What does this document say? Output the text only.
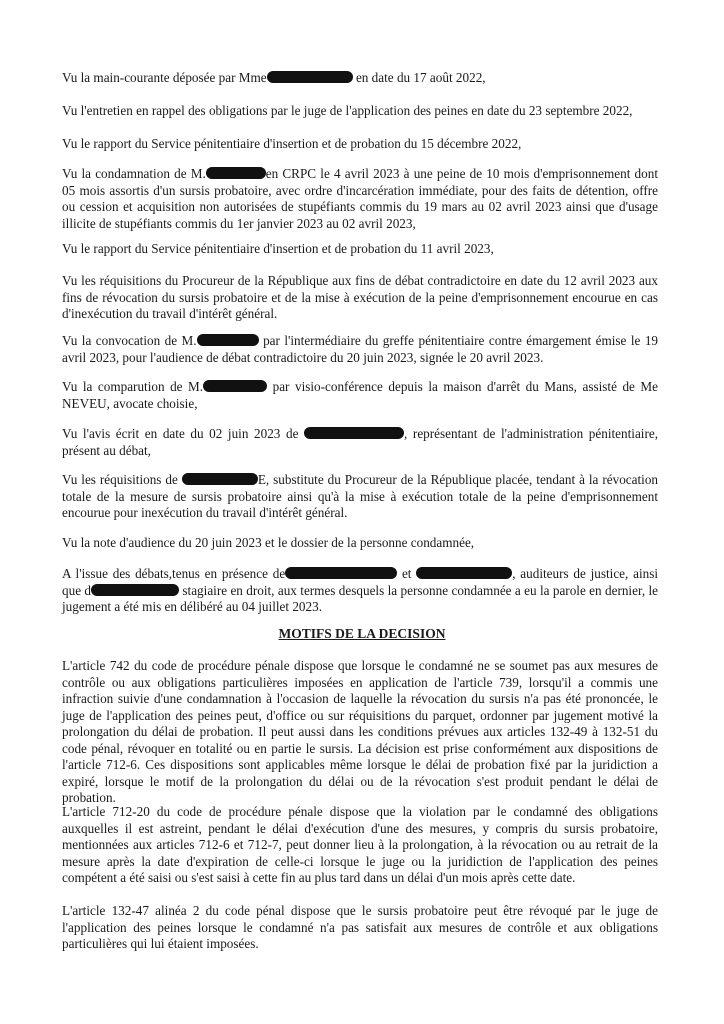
Vu la main-courante déposée par Mme	en date du 17 août 2022,

Vu l'entretien en rappel des obligations par le juge de l'application des peines en date du 23 septembre 2022,

Vu le rapport du Service pénitentiaire d'insertion et de probation du 15 décembre 2022,

Vu la condamnation de M.	en CRPC le 4 avril 2023 à une peine de 10 mois d'emprisonnement dont 05 mois assortis d'un sursis probatoire, avec ordre d'incarcération immédiate, pour des faits de détention, offre ou cession et acquisition non autorisées de stupéfiants commis du 19 mars au 02 avril 2023 ainsi que d'usage illicite de stupéfiants commis du 1er janvier 2023 au 02 avril 2023,

Vu le rapport du Service pénitentiaire d'insertion et de probation du 11 avril 2023,

Vu les réquisitions du Procureur de la République aux fins de débat contradictoire en date du 12 avril 2023 aux fins de révocation du sursis probatoire et de la mise à exécution de la peine d'emprisonnement encourue en cas d'inexécution du travail d'intérêt général.

Vu la convocation de M.	par l'intermédiaire du greffe pénitentiaire contre émargement émise le 19 avril 2023, pour l'audience de débat contradictoire du 20 juin 2023, signée le 20 avril 2023.

Vu la comparution de M.	par visio-conférence depuis la maison d'arrêt du Mans, assisté de Me NEVEU, avocate choisie,

Vu l'avis écrit en date du 02 juin 2023 de	, représentant de l'administration pénitentiaire, présent au débat,

Vu les réquisitions de	E, substitute du Procureur de la République placée, tendant à la révocation totale de la mesure de sursis probatoire ainsi qu'à la mise à exécution totale de la peine d'emprisonnement encourue pour inexécution du travail d'intérêt général.

Vu la note d'audience du 20 juin 2023 et le dossier de la personne condamnée,

A l'issue des débats,tenus en présence de	et	, auditeurs de justice, ainsi que d	stagiaire en droit, aux termes desquels la personne condamnée a eu la parole en dernier, le jugement a été mis en délibéré au 04 juillet 2023.

MOTIFS DE LA DECISION

L'article 742 du code de procédure pénale dispose que lorsque le condamné ne se soumet pas aux mesures de contrôle ou aux obligations particulières imposées en application de l'article 739, lorsqu'il a commis une infraction suivie d'une condamnation à l'occasion de laquelle la révocation du sursis n'a pas été prononcée, le juge de l'application des peines peut, d'office ou sur réquisitions du parquet, ordonner par jugement motivé la prolongation du délai de probation. Il peut aussi dans les conditions prévues aux articles 132-49 à 132-51 du code pénal, révoquer en totalité ou en partie le sursis. La décision est prise conformément aux dispositions de l'article 712-6. Ces dispositions sont applicables même lorsque le délai de probation fixé par la juridiction a expiré, lorsque le motif de la prolongation du délai ou de la révocation s'est produit pendant le délai de probation.

L'article 712-20 du code de procédure pénale dispose que la violation par le condamné des obligations auxquelles il est astreint, pendant le délai d'exécution d'une des mesures, y compris du sursis probatoire, mentionnées aux articles 712-6 et 712-7, peut donner lieu à la prolongation, à la révocation ou au retrait de la mesure après la date d'expiration de celle-ci lorsque le juge ou la juridiction de l'application des peines compétent a été saisi ou s'est saisi à cette fin au plus tard dans un délai d'un mois après cette date.

L'article 132-47 alinéa 2 du code pénal dispose que le sursis probatoire peut être révoqué par le juge de l'application des peines lorsque le condamné n'a pas satisfait aux mesures de contrôle et aux obligations particulières qui lui étaient imposées.
